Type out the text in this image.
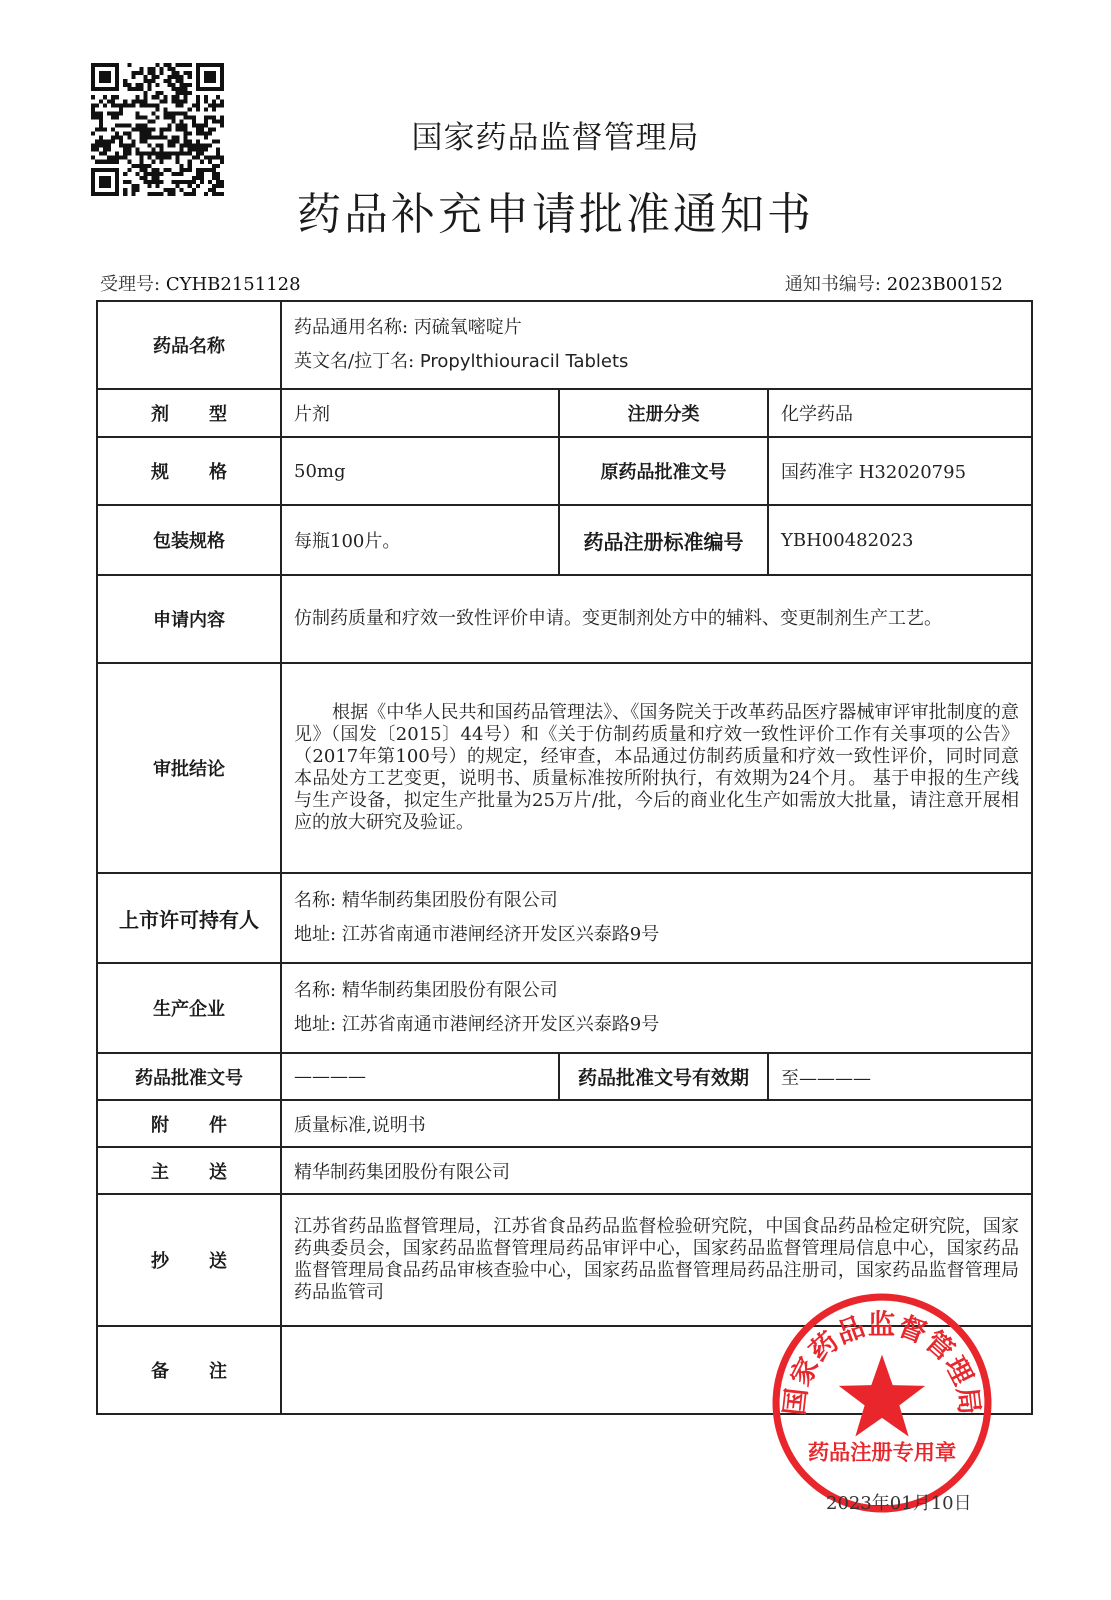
国家药品监督管理局
药品补充申请批准通知书
受理号: CYHB2151128	通知书编号: 2023B00152
药品名称	药品通用名称: 丙硫氧嘧啶片
英文名/拉丁名: Propylthiouracil Tablets		

剂型	片剂	注册分类	化学药品
规格	50mg	原药品批准文号	国药准字 H32020795
包装规格	每瓶100片。	药品注册标准编号	YBH00482023
申请内容	仿制药质量和疗效一致性评价申请。变更制剂处方中的辅料、变更制剂生产工艺。		

审批结论	根据《中华人民共和国药品管理法》、《国务院关于改革药品医疗器械审评审批制度的意见》（国发〔2015〕44号）和《关于仿制药质量和疗效一致性评价工作有关事项的公告》（2017年第100号）的规定，经审查，本品通过仿制药质量和疗效一致性评价，同时同意本品处方工艺变更，说明书、质量标准按所附执行，有效期为24个月。 基于申报的生产线与生产设备，拟定生产批量为25万片/批，今后的商业化生产如需放大批量，请注意开展相应的放大研究及验证。		

上市许可持有人	名称: 精华制药集团股份有限公司
地址: 江苏省南通市港闸经济开发区兴泰路9号		

生产企业	名称: 精华制药集团股份有限公司
地址: 江苏省南通市港闸经济开发区兴泰路9号		

药品批准文号	————	药品批准文号有效期	至————
附件	质量标准,说明书		
主送	精华制药集团股份有限公司		
抄送	江苏省药品监督管理局，江苏省食品药品监督检验研究院，中国食品药品检定研究院，国家药典委员会，国家药品监督管理局药品审评中心，国家药品监督管理局信息中心，国家药品监督管理局食品药品审核查验中心，国家药品监督管理局药品注册司，国家药品监督管理局药品监管司		

备注			
国家药品监督管理局
药品注册专用章
2023年01月10日
